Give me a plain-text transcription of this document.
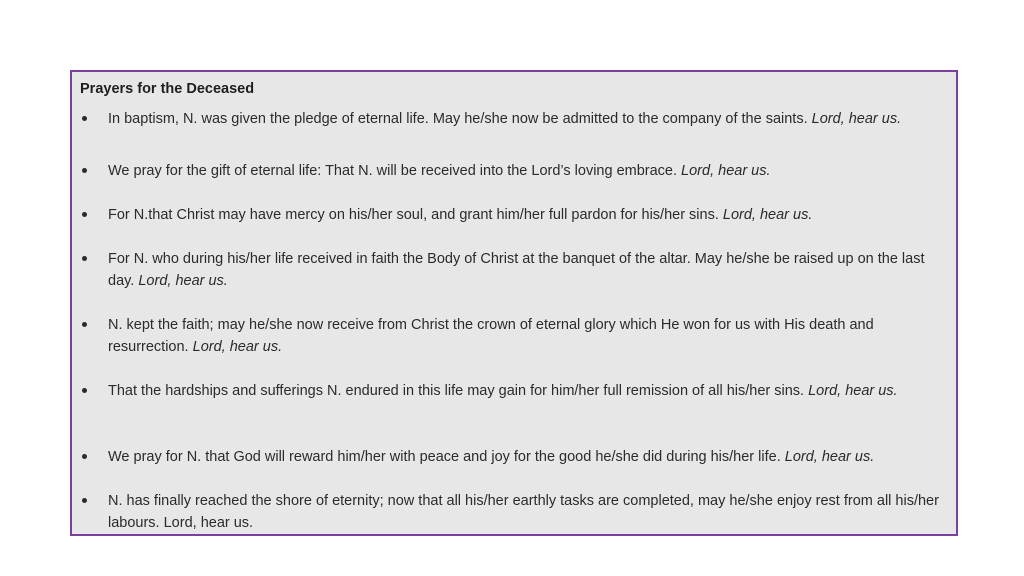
Prayers for the Deceased
In baptism, N. was given the pledge of eternal life. May he/she now be admitted to the company of the saints. Lord, hear us.
We pray for the gift of eternal life: That N. will be received into the Lord’s loving embrace. Lord, hear us.
For N.that Christ may have mercy on his/her soul, and grant him/her full pardon for his/her sins. Lord, hear us.
For N. who during his/her life received in faith the Body of Christ at the banquet of the altar. May he/she be raised up on the last day. Lord, hear us.
N. kept the faith; may he/she now receive from Christ the crown of eternal glory which He won for us with His death and resurrection. Lord, hear us.
That the hardships and sufferings N. endured in this life may gain for him/her full remission of all his/her sins. Lord, hear us.
We pray for N. that God will reward him/her with peace and joy for the good he/she did during his/her life. Lord, hear us.
N. has finally reached the shore of eternity; now that all his/her earthly tasks are completed, may he/she enjoy rest from all his/her labours. Lord, hear us.
